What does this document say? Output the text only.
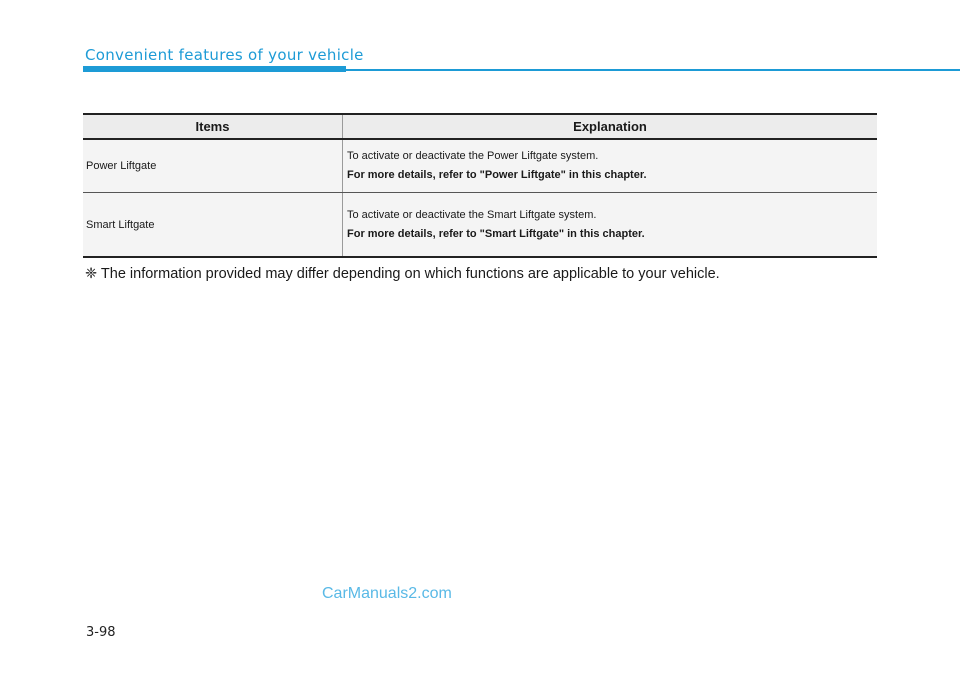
Convenient features of your vehicle
Items	Explanation
Power Liftgate	To activate or deactivate the Power Liftgate system.
For more details, refer to "Power Liftgate" in this chapter.

Smart Liftgate	To activate or deactivate the Smart Liftgate system.
For more details, refer to "Smart Liftgate" in this chapter.
❈ The information provided may differ depending on which functions are applicable to your vehicle.
CarManuals2.com
3-98
